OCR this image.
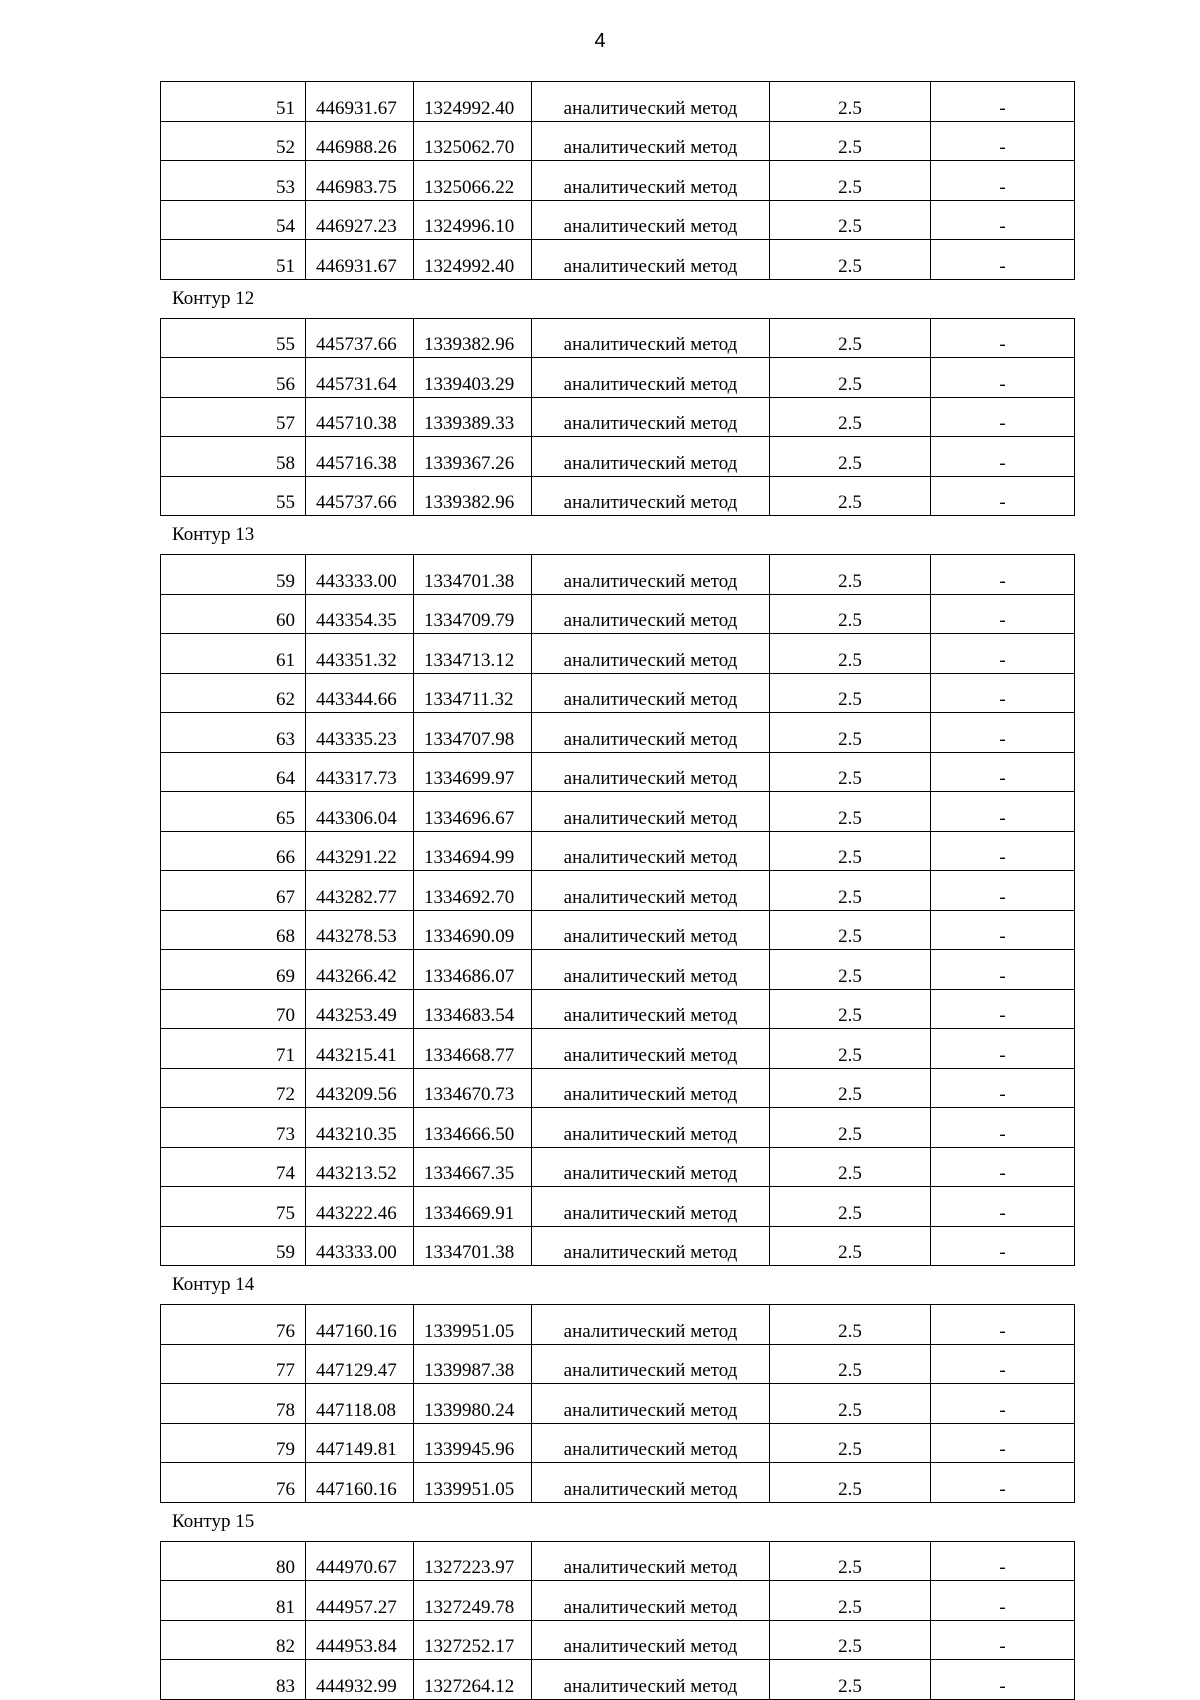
4
51	446931.67	1324992.40	аналитический метод	2.5	-
52	446988.26	1325062.70	аналитический метод	2.5	-
53	446983.75	1325066.22	аналитический метод	2.5	-
54	446927.23	1324996.10	аналитический метод	2.5	-
51	446931.67	1324992.40	аналитический метод	2.5	-
Контур 12
55	445737.66	1339382.96	аналитический метод	2.5	-
56	445731.64	1339403.29	аналитический метод	2.5	-
57	445710.38	1339389.33	аналитический метод	2.5	-
58	445716.38	1339367.26	аналитический метод	2.5	-
55	445737.66	1339382.96	аналитический метод	2.5	-
Контур 13
59	443333.00	1334701.38	аналитический метод	2.5	-
60	443354.35	1334709.79	аналитический метод	2.5	-
61	443351.32	1334713.12	аналитический метод	2.5	-
62	443344.66	1334711.32	аналитический метод	2.5	-
63	443335.23	1334707.98	аналитический метод	2.5	-
64	443317.73	1334699.97	аналитический метод	2.5	-
65	443306.04	1334696.67	аналитический метод	2.5	-
66	443291.22	1334694.99	аналитический метод	2.5	-
67	443282.77	1334692.70	аналитический метод	2.5	-
68	443278.53	1334690.09	аналитический метод	2.5	-
69	443266.42	1334686.07	аналитический метод	2.5	-
70	443253.49	1334683.54	аналитический метод	2.5	-
71	443215.41	1334668.77	аналитический метод	2.5	-
72	443209.56	1334670.73	аналитический метод	2.5	-
73	443210.35	1334666.50	аналитический метод	2.5	-
74	443213.52	1334667.35	аналитический метод	2.5	-
75	443222.46	1334669.91	аналитический метод	2.5	-
59	443333.00	1334701.38	аналитический метод	2.5	-
Контур 14
76	447160.16	1339951.05	аналитический метод	2.5	-
77	447129.47	1339987.38	аналитический метод	2.5	-
78	447118.08	1339980.24	аналитический метод	2.5	-
79	447149.81	1339945.96	аналитический метод	2.5	-
76	447160.16	1339951.05	аналитический метод	2.5	-
Контур 15
80	444970.67	1327223.97	аналитический метод	2.5	-
81	444957.27	1327249.78	аналитический метод	2.5	-
82	444953.84	1327252.17	аналитический метод	2.5	-
83	444932.99	1327264.12	аналитический метод	2.5	-
